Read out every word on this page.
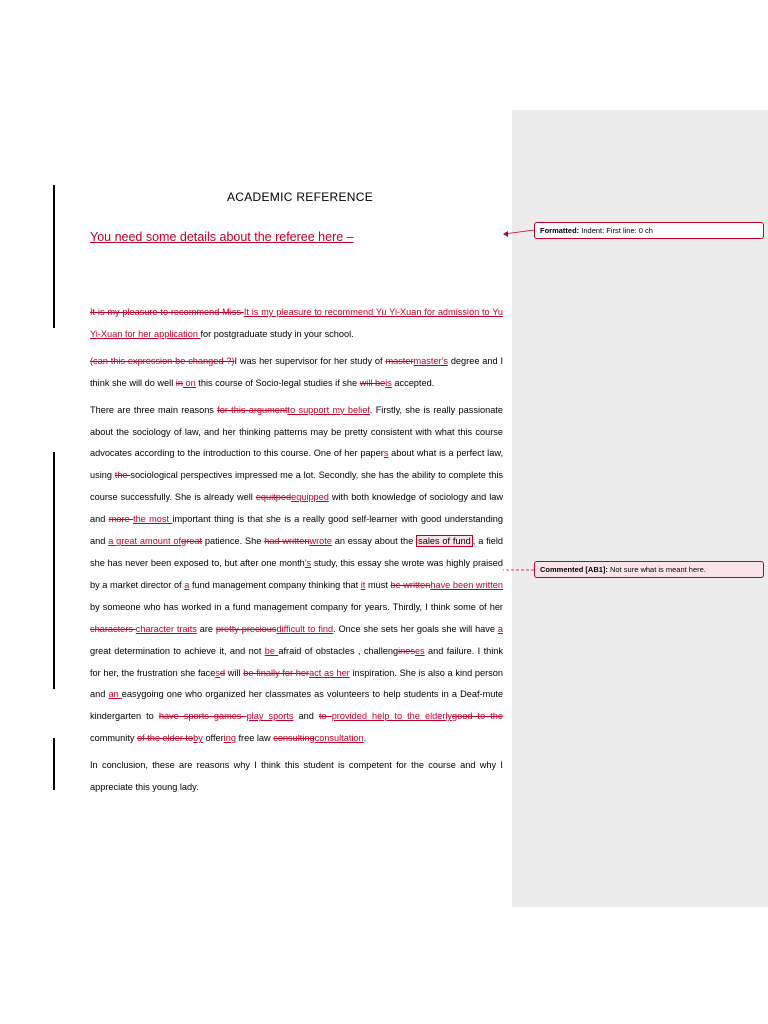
ACADEMIC REFERENCE
You need some details about the referee here –

It is my pleasure to recommend Miss It is my pleasure to recommend Yu Yi-Xuan for admission to Yu Yi-Xuan for her application for postgraduate study in your school.

(can this expression be changed ?)I was her supervisor for her study of mastermaster's degree and I think she will do well in on this course of Socio-legal studies if she will beis accepted.

There are three main reasons for this argumentto support my belief. Firstly, she is really passionate about the sociology of law, and her thinking patterns may be pretty consistent with what this course advocates according to the introduction to this course. One of her papers about what is a perfect law, using the sociological perspectives impressed me a lot. Secondly, she has the ability to complete this course successfully. She is already well equitpedequipped with both knowledge of sociology and law and more the most important thing is that she is a really good self-learner with good understanding and a great amount ofgreat patience. She had writtenwrote an essay about the sales of fund , a field she has never been exposed to, but after one month's study, this essay she wrote was highly praised by a market director of a fund management company thinking that it must be writtenhave been written by someone who has worked in a fund management company for years. Thirdly, I think some of her characters character traits are pretty preciousdifficult to find. Once she sets her goals she will have a great determination to achieve it, and not be afraid of obstacles , challengineses and failure. I think for her, the frustration she facesd will be finally for heract as her inspiration. She is also a kind person and an easygoing one who organized her classmates as volunteers to help students in a Deaf-mute kindergarten to have sports games play sports and to provided help to the elderlygood to the community of the elder toby offering free law consultingconsultation.

In conclusion, these are reasons why I think this student is competent for the course and why I appreciate this young lady.

Formatted: Indent: First line: 0 ch
Commented [AB1]: Not sure what is meant here.
